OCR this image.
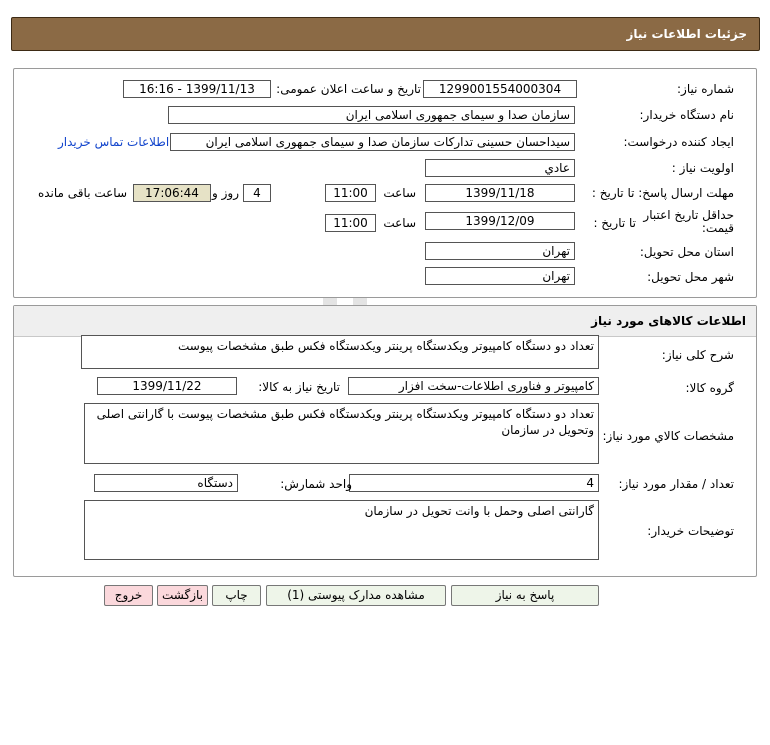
جزئیات اطلاعات نیاز
شماره نیاز:
1299001554000304
تاریخ و ساعت اعلان عمومی:
1399/11/13 - 16:16
نام دستگاه خریدار:
سازمان صدا و سیمای جمهوری اسلامی ایران
ایجاد کننده درخواست:
سیداحسان حسینی تدارکات سازمان صدا و سیمای جمهوری اسلامی ایران
اطلاعات تماس خریدار
اولویت نیاز :
عادي
مهلت ارسال پاسخ: تا تاریخ :
1399/11/18
ساعت
11:00
4
روز و
17:06:44
ساعت باقی مانده
حداقل تاریخ اعتبار
قیمت:
تا تاریخ :
1399/12/09
ساعت
11:00
استان محل تحویل:
تهران
شهر محل تحویل:
تهران
اطلاعات کالاهای مورد نیاز
شرح کلی نیاز:
تعداد دو دستگاه کامپیوتر ویکدستگاه پرینتر ویکدستگاه فکس طبق مشخصات پیوست
گروه کالا:
کامپیوتر و فناوری اطلاعات-سخت افزار
تاریخ نیاز به کالا:
1399/11/22
مشخصات کالاي مورد نیاز:
تعداد دو دستگاه کامپیوتر ویکدستگاه پرینتر ویکدستگاه فکس طبق مشخصات پیوست با گارانتی اصلی وتحویل در سازمان
تعداد / مقدار مورد نیاز:
4
واحد شمارش:
دستگاه
توضیحات خریدار:
گارانتی اصلی وحمل با وانت تحویل در سازمان
پاسخ به نیاز
مشاهده مدارک پیوستی (1)
چاپ
بازگشت
خروج
